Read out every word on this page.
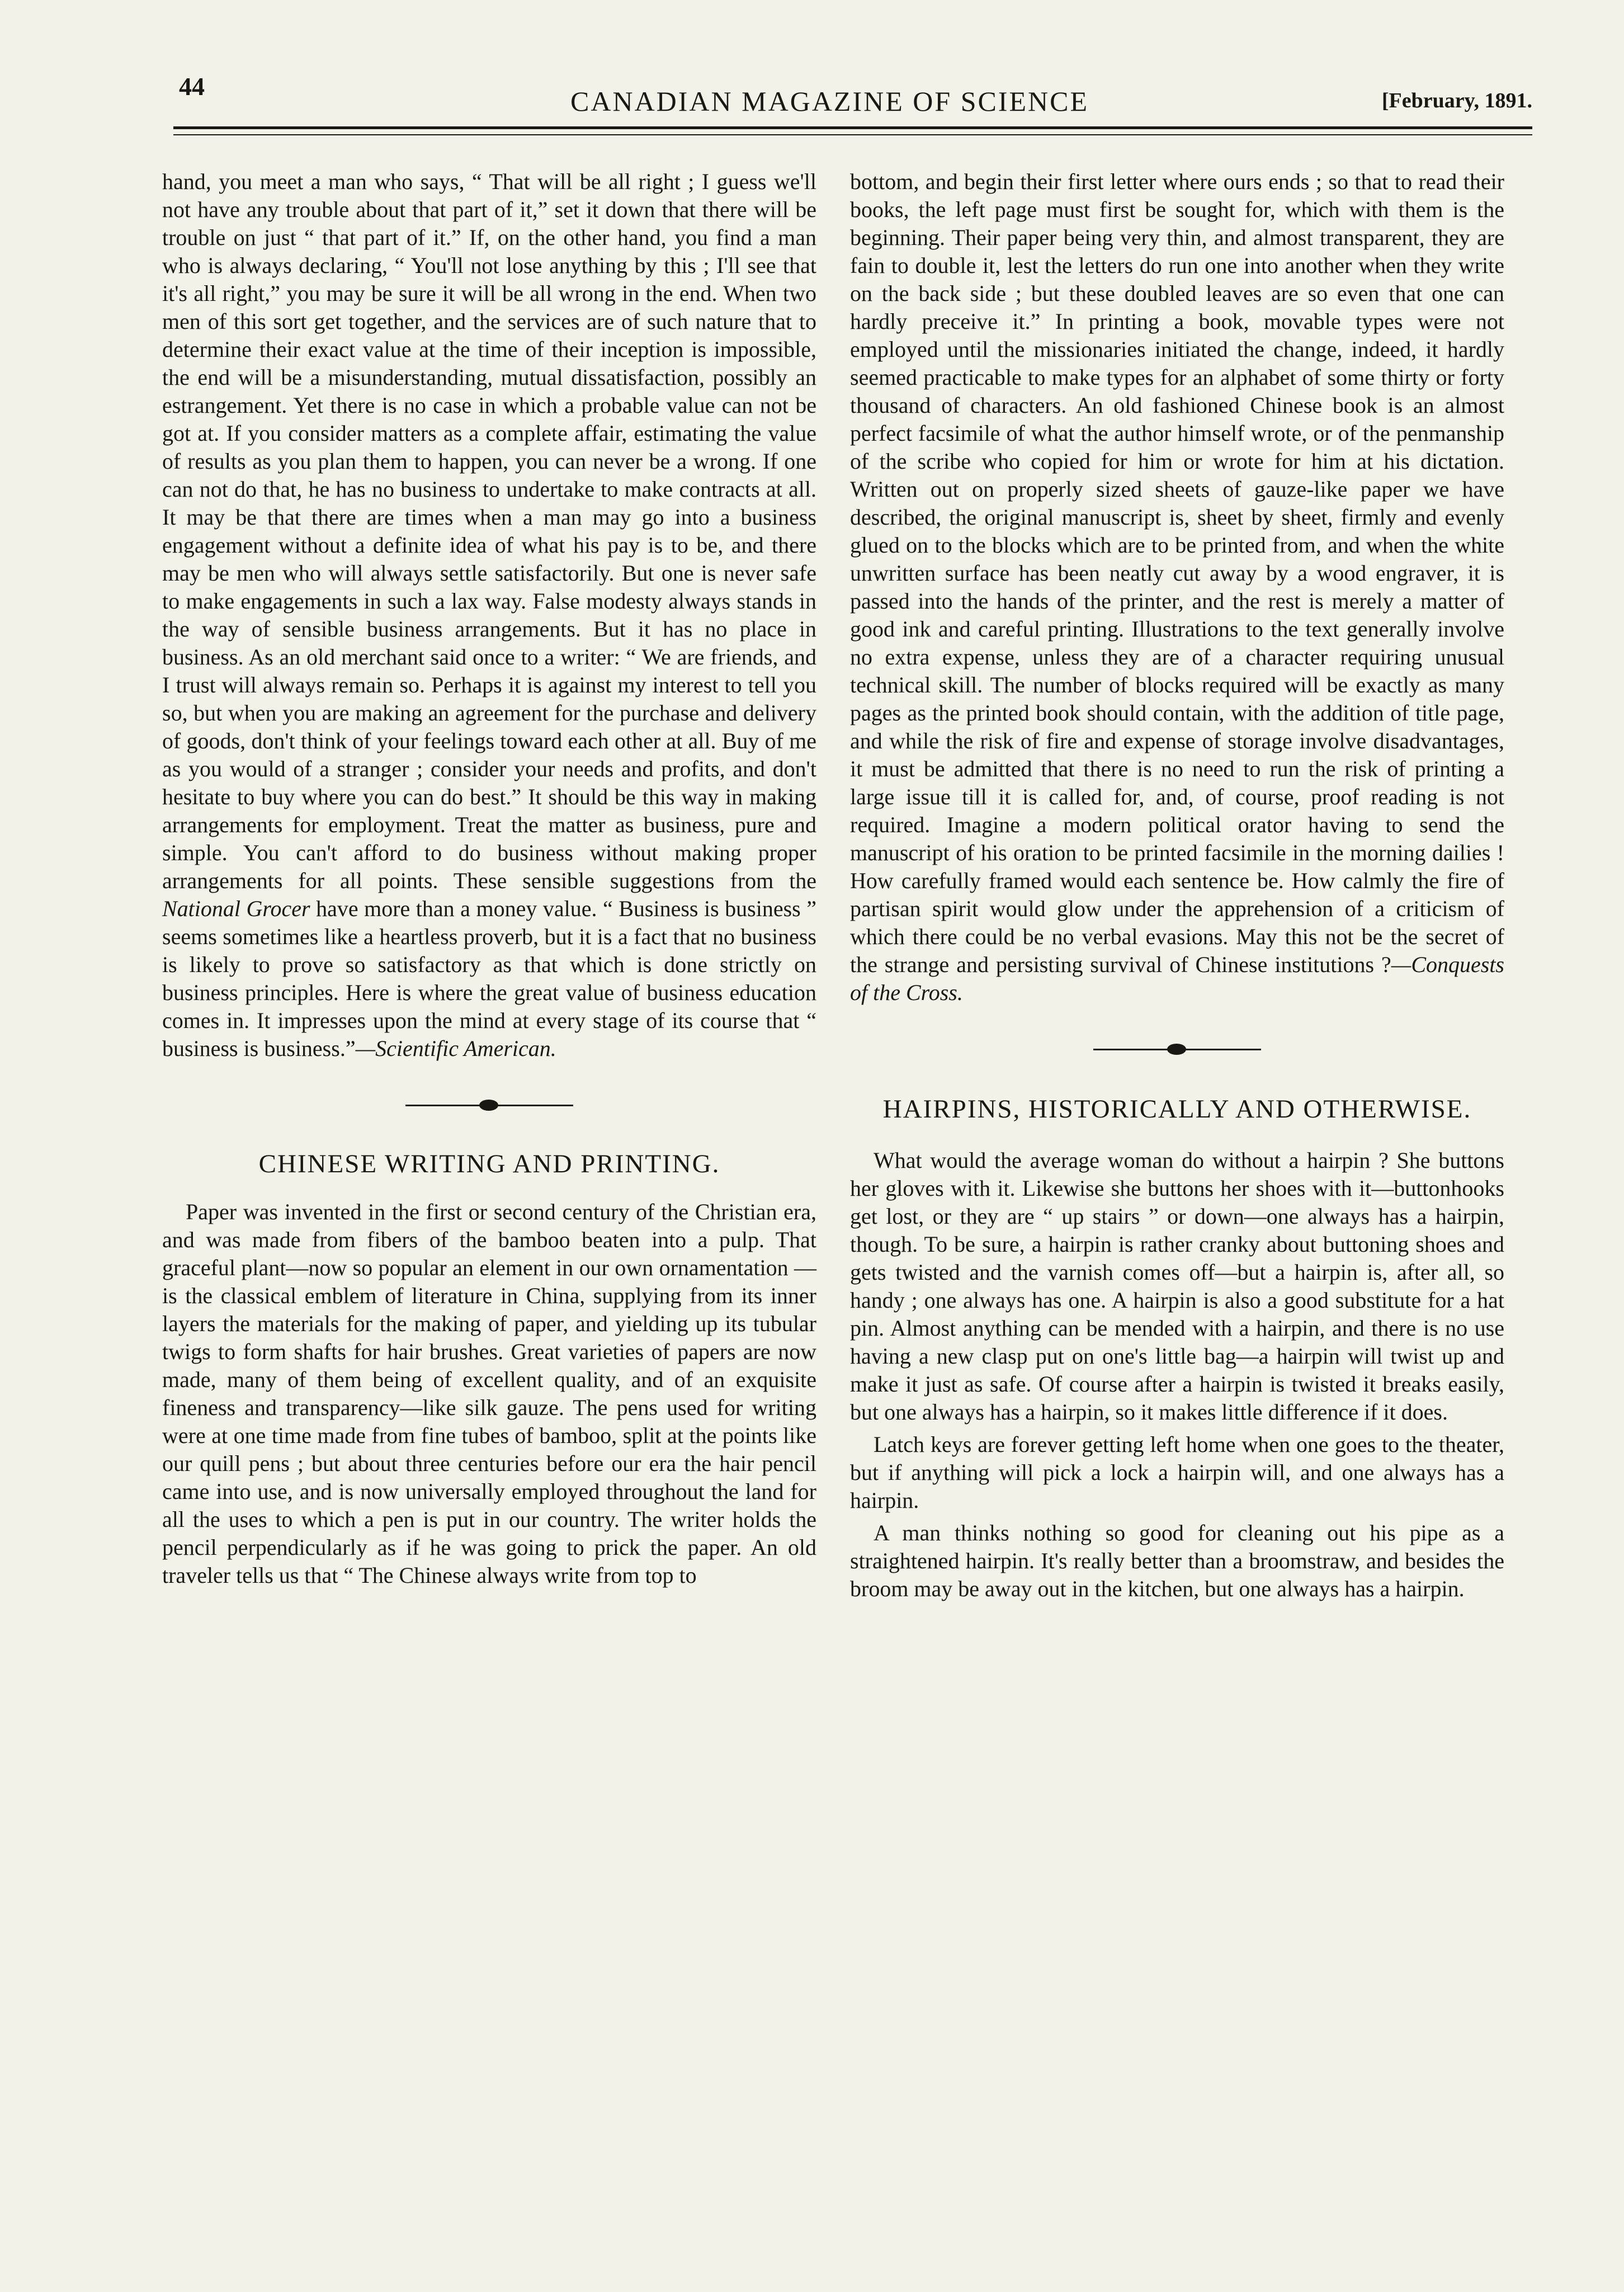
44	CANADIAN MAGAZINE OF SCIENCE	[February, 1891.

hand, you meet a man who says, “ That will be all right ; I guess we'll not have any trouble about that part of it,” set it down that there will be trouble on just “ that part of it.” If, on the other hand, you find a man who is always declaring, “ You'll not lose anything by this ; I'll see that it's all right,” you may be sure it will be all wrong in the end. When two men of this sort get together, and the services are of such nature that to determine their exact value at the time of their inception is impossible, the end will be a misunderstanding, mutual dissatisfaction, possibly an estrangement. Yet there is no case in which a probable value can not be got at. If you consider matters as a complete affair, estimating the value of results as you plan them to happen, you can never be a wrong. If one can not do that, he has no business to undertake to make contracts at all. It may be that there are times when a man may go into a business engagement without a definite idea of what his pay is to be, and there may be men who will always settle satisfactorily. But one is never safe to make engagements in such a lax way. False modesty always stands in the way of sensible business arrangements. But it has no place in business. As an old merchant said once to a writer: “ We are friends, and I trust will always remain so. Perhaps it is against my interest to tell you so, but when you are making an agreement for the purchase and delivery of goods, don't think of your feelings toward each other at all. Buy of me as you would of a stranger ; consider your needs and profits, and don't hesitate to buy where you can do best.” It should be this way in making arrangements for employment. Treat the matter as business, pure and simple. You can't afford to do business without making proper arrangements for all points. These sensible suggestions from the National Grocer have more than a money value. “ Business is business ” seems sometimes like a heartless proverb, but it is a fact that no business is likely to prove so satisfactory as that which is done strictly on business principles. Here is where the great value of business education comes in. It impresses upon the mind at every stage of its course that “ business is business.”—Scientific American.

CHINESE WRITING AND PRINTING.

Paper was invented in the first or second century of the Christian era, and was made from fibers of the bamboo beaten into a pulp. That graceful plant—now so popular an element in our own ornamentation —is the classical emblem of literature in China, supplying from its inner layers the materials for the making of paper, and yielding up its tubular twigs to form shafts for hair brushes. Great varieties of papers are now made, many of them being of excellent quality, and of an exquisite fineness and transparency—like silk gauze. The pens used for writing were at one time made from fine tubes of bamboo, split at the points like our quill pens ; but about three centuries before our era the hair pencil came into use, and is now universally employed throughout the land for all the uses to which a pen is put in our country. The writer holds the pencil perpendicularly as if he was going to prick the paper. An old traveler tells us that “ The Chinese always write from top to

bottom, and begin their first letter where ours ends ; so that to read their books, the left page must first be sought for, which with them is the beginning. Their paper being very thin, and almost transparent, they are fain to double it, lest the letters do run one into another when they write on the back side ; but these doubled leaves are so even that one can hardly preceive it.” In printing a book, movable types were not employed until the missionaries initiated the change, indeed, it hardly seemed practicable to make types for an alphabet of some thirty or forty thousand of characters. An old fashioned Chinese book is an almost perfect facsimile of what the author himself wrote, or of the penmanship of the scribe who copied for him or wrote for him at his dictation. Written out on properly sized sheets of gauze-like paper we have described, the original manuscript is, sheet by sheet, firmly and evenly glued on to the blocks which are to be printed from, and when the white unwritten surface has been neatly cut away by a wood engraver, it is passed into the hands of the printer, and the rest is merely a matter of good ink and careful printing. Illustrations to the text generally involve no extra expense, unless they are of a character requiring unusual technical skill. The number of blocks required will be exactly as many pages as the printed book should contain, with the addition of title page, and while the risk of fire and expense of storage involve disadvantages, it must be admitted that there is no need to run the risk of printing a large issue till it is called for, and, of course, proof reading is not required. Imagine a modern political orator having to send the manuscript of his oration to be printed facsimile in the morning dailies ! How carefully framed would each sentence be. How calmly the fire of partisan spirit would glow under the apprehension of a criticism of which there could be no verbal evasions. May this not be the secret of the strange and persisting survival of Chinese institutions ?—Conquests of the Cross.

HAIRPINS, HISTORICALLY AND OTHERWISE.

What would the average woman do without a hairpin ? She buttons her gloves with it. Likewise she buttons her shoes with it—buttonhooks get lost, or they are “ up stairs ” or down—one always has a hairpin, though. To be sure, a hairpin is rather cranky about buttoning shoes and gets twisted and the varnish comes off—but a hairpin is, after all, so handy ; one always has one. A hairpin is also a good substitute for a hat pin. Almost anything can be mended with a hairpin, and there is no use having a new clasp put on one's little bag—a hairpin will twist up and make it just as safe. Of course after a hairpin is twisted it breaks easily, but one always has a hairpin, so it makes little difference if it does.

Latch keys are forever getting left home when one goes to the theater, but if anything will pick a lock a hairpin will, and one always has a hairpin.

A man thinks nothing so good for cleaning out his pipe as a straightened hairpin. It's really better than a broomstraw, and besides the broom may be away out in the kitchen, but one always has a hairpin.
